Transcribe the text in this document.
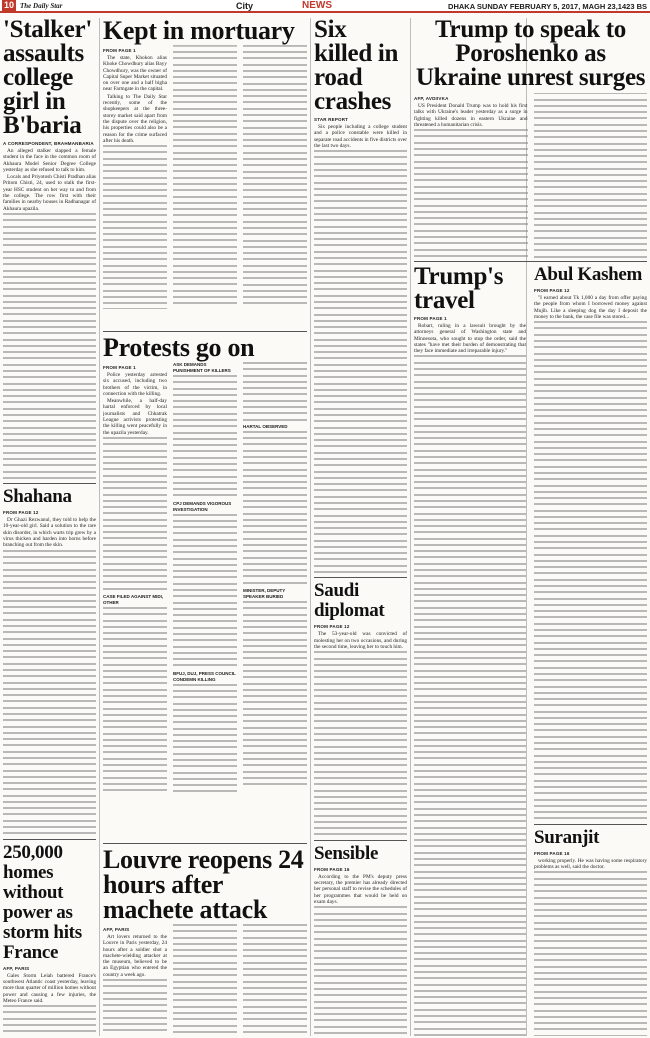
10 The Daily Star	City	NEWS	DHAKA SUNDAY FEBRUARY 5, 2017, MAGH 23,1423 BS
'Stalker' assaults college girl in B'baria
A CORRESPONDENT, BRAHMANBARIA

An alleged stalker slapped a female student in the face in the common room of Akhaura Model Senior Degree College yesterday as she refused to talk to him.

Locals and Priyotosh Chisti Pradhan alias Pritom Chisti, 24, used to stalk the first-year HSC student on her way to and from the college. The row first with their families in nearby houses in Radhanagar of Akhaura upazila.

Shahana
FROM PAGE 12

Dr Ghazi Rezwanul, they told to help the 10-year-old girl. Said a solution to the rare skin disorder, in which warts trip grew by a virus thicken and harden into horns before branching out from the skin.

250,000 homes without power as storm hits France
AFP, PARIS

Gales Storm Leiah battered France's southwest Atlantic coast yesterday, leaving more than quarter of million homes without power and causing a few injuries, the Meteo France said.

Kept in mortuary
FROM PAGE 1

The state, Khokon alias Khoke Chowdhury alias Bayy Chowdhury, was the owner of Capital Super Market situated on over one and a half bigha near Farmgate in the capital.

Talking to The Daily Star recently, some of the shopkeepers at the three-storey market said apart from the dispute over the religion, his properties could also be a reason for the crime surfaced after his death.

Protests go on
FROM PAGE 1

Police yesterday arrested six accused, including two brothers of the victim, in connection with the killing.

Meanwhile, a half-day hartal enforced by local journalists and Chhatrak League activists protesting the killing went peacefully in the upazila yesterday.

CASE FILED AGAINST MIDI, OTHER
ASK DEMANDS PUNISHMENT OF KILLERS
CPJ DEMANDS VIGOROUS INVESTIGATION
BFUJ, DUJ, PRESS COUNCIL CONDEMN KILLING
HARTAL OBSERVED
MINISTER, DEPUTY SPEAKER BURIED
Louvre reopens 24 hours after machete attack
AFP, PARIS

Art lovers returned to the Louvre in Paris yesterday, 24 hours after a soldier shot a machete-wielding attacker at the museum, believed to be an Egyptian who entered the country a week ago.

Six killed in road crashes
STAR REPORT

Six people including a college student and a police constable were killed in separate road accidents in five districts over the last two days.

Saudi diplomat
FROM PAGE 12

The 53-year-old was convicted of molesting her on two occasions, and during the second time, leaving her to touch him.

Sensible
FROM PAGE 16

According to the PM's deputy press secretary, the premier has already directed her personal staff to revise the schedules of her programmes that would be held on exam days.

Trump to speak to Poroshenko as Ukraine unrest surges
AFP, AVDIIVKA

US President Donald Trump was to hold his first talks with Ukraine's leader yesterday as a surge in fighting killed dozens in eastern Ukraine and threatened a humanitarian crisis.

Trump's travel
FROM PAGE 1

Robart, ruling in a lawsuit brought by the attorneys general of Washington state and Minnesota, who sought to stop the order, said the states "have met their burden of demonstrating that they face immediate and irreparable injury."

Abul Kashem
FROM PAGE 12

"I earned about Tk 1,000 a day from offer paying the people from whom I borrowed money against Mujib. Like a sleeping dog the day I deposit the money to the bank, the case file was stored...

Suranjit
FROM PAGE 16

working properly. He was having some respiratory problems as well, said the doctor.
